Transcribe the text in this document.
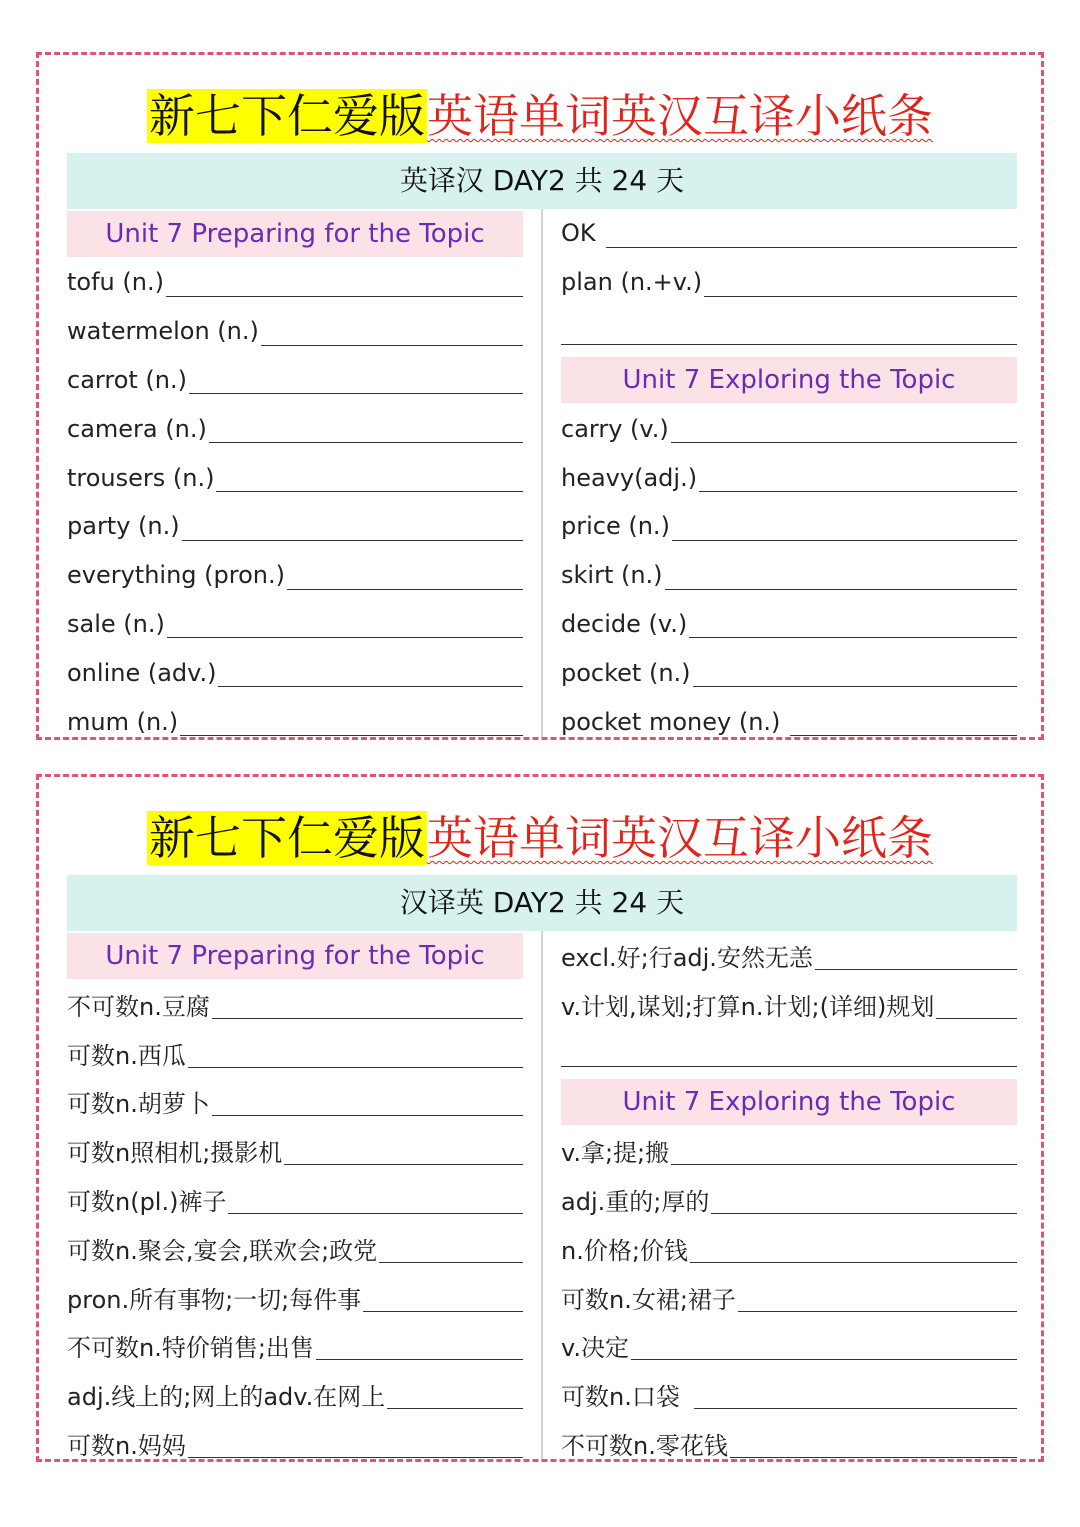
新七下仁爱版英语单词英汉互译小纸条
英译汉 DAY2 共 24 天
Unit 7 Preparing for the Topic
tofu (n.)
watermelon (n.)
carrot (n.)
camera (n.)
trousers (n.)
party (n.)
everything (pron.)
sale (n.)
online (adv.)
mum (n.)
OK
plan (n.+v.)
Unit 7 Exploring the Topic
carry (v.)
heavy(adj.)
price (n.)
skirt (n.)
decide (v.)
pocket (n.)
pocket money (n.)
新七下仁爱版英语单词英汉互译小纸条
汉译英 DAY2 共 24 天
Unit 7 Preparing for the Topic
不可数n.豆腐
可数n.西瓜
可数n.胡萝卜
可数n照相机;摄影机
可数n(pl.)裤子
可数n.聚会,宴会,联欢会;政党
pron.所有事物;一切;每件事
不可数n.特价销售;出售
adj.线上的;网上的adv.在网上
可数n.妈妈
excl.好;行adj.安然无恙
v.计划,谋划;打算n.计划;(详细)规划
Unit 7 Exploring the Topic
v.拿;提;搬
adj.重的;厚的
n.价格;价钱
可数n.女裙;裙子
v.决定
可数n.口袋
不可数n.零花钱
